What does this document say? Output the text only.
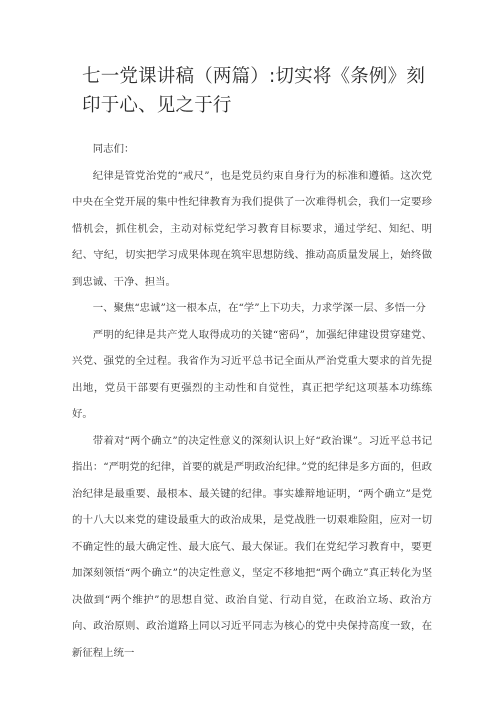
七一党课讲稿（两篇）:切实将《条例》刻印于心、见之于行

同志们：

纪律是管党治党的“戒尺”，也是党员约束自身行为的标准和遵循。这次党中央在全党开展的集中性纪律教育为我们提供了一次难得机会，我们一定要珍惜机会，抓住机会，主动对标党纪学习教育目标要求，通过学纪、知纪、明纪、守纪，切实把学习成果体现在筑牢思想防线、推动高质量发展上，始终做到忠诚、干净、担当。

一、聚焦“忠诚”这一根本点，在“学”上下功夫，力求学深一层、多悟一分

严明的纪律是共产党人取得成功的关键“密码”，加强纪律建设贯穿建党、兴党、强党的全过程。我省作为习近平总书记全面从严治党重大要求的首先提出地，党员干部要有更强烈的主动性和自觉性，真正把学纪这项基本功练练好。

带着对“两个确立”的决定性意义的深刻认识上好“政治课”。习近平总书记指出：“严明党的纪律，首要的就是严明政治纪律。”党的纪律是多方面的，但政治纪律是最重要、最根本、最关键的纪律。事实雄辩地证明，“两个确立”是党的十八大以来党的建设最重大的政治成果，是党战胜一切艰难险阻，应对一切不确定性的最大确定性、最大底气、最大保证。我们在党纪学习教育中，要更加深刻领悟“两个确立”的决定性意义，坚定不移地把“两个确立”真正转化为坚决做到“两个维护”的思想自觉、政治自觉、行动自觉，在政治立场、政治方向、政治原则、政治道路上同以习近平同志为核心的党中央保持高度一致，在新征程上统一
